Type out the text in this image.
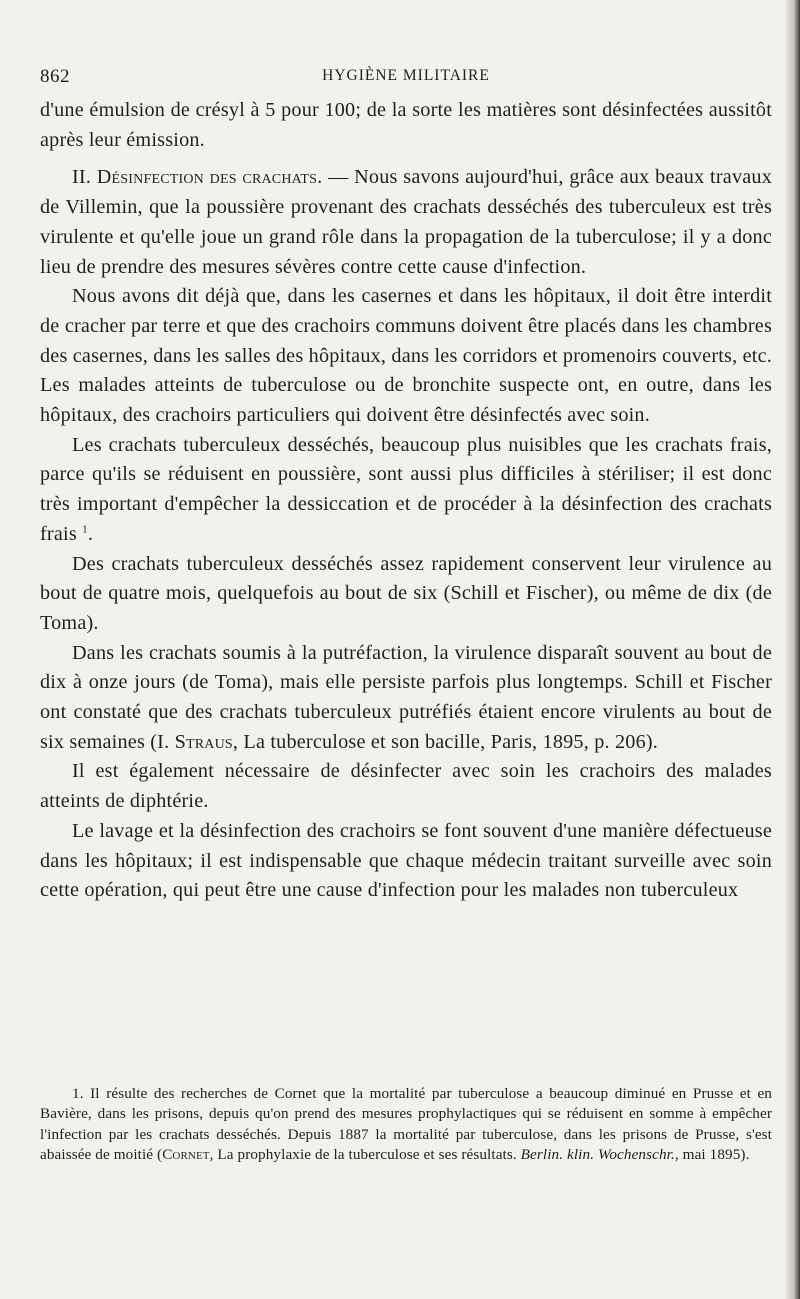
862	HYGIÈNE MILITAIRE

d'une émulsion de crésyl à 5 pour 100; de la sorte les matières sont désinfectées aussitôt après leur émission.

II. Désinfection des crachats. — Nous savons aujourd'hui, grâce aux beaux travaux de Villemin, que la poussière provenant des crachats desséchés des tuberculeux est très virulente et qu'elle joue un grand rôle dans la propagation de la tuberculose; il y a donc lieu de prendre des mesures sévères contre cette cause d'infection.

Nous avons dit déjà que, dans les casernes et dans les hôpitaux, il doit être interdit de cracher par terre et que des crachoirs communs doivent être placés dans les chambres des casernes, dans les salles des hôpitaux, dans les corridors et promenoirs couverts, etc. Les malades atteints de tuberculose ou de bronchite suspecte ont, en outre, dans les hôpitaux, des crachoirs particuliers qui doivent être désinfectés avec soin.

Les crachats tuberculeux desséchés, beaucoup plus nuisibles que les crachats frais, parce qu'ils se réduisent en poussière, sont aussi plus difficiles à stériliser; il est donc très important d'empêcher la dessiccation et de procéder à la désinfection des crachats frais $^1$.

Des crachats tuberculeux desséchés assez rapidement conservent leur virulence au bout de quatre mois, quelquefois au bout de six (Schill et Fischer), ou même de dix (de Toma).

Dans les crachats soumis à la putréfaction, la virulence disparaît souvent au bout de dix à onze jours (de Toma), mais elle persiste parfois plus longtemps. Schill et Fischer ont constaté que des crachats tuberculeux putréfiés étaient encore virulents au bout de six semaines (I. Straus, La tuberculose et son bacille, Paris, 1895, p. 206).

Il est également nécessaire de désinfecter avec soin les crachoirs des malades atteints de diphtérie.

Le lavage et la désinfection des crachoirs se font souvent d'une manière défectueuse dans les hôpitaux; il est indispensable que chaque médecin traitant surveille avec soin cette opération, qui peut être une cause d'infection pour les malades non tuberculeux

1. Il résulte des recherches de Cornet que la mortalité par tuberculose a beaucoup diminué en Prusse et en Bavière, dans les prisons, depuis qu'on prend des mesures prophylactiques qui se réduisent en somme à empêcher l'infection par les crachats desséchés. Depuis 1887 la mortalité par tuberculose, dans les prisons de Prusse, s'est abaissée de moitié (Cornet, La prophylaxie de la tuberculose et ses résultats. Berlin. klin. Wochenschr., mai 1895).
